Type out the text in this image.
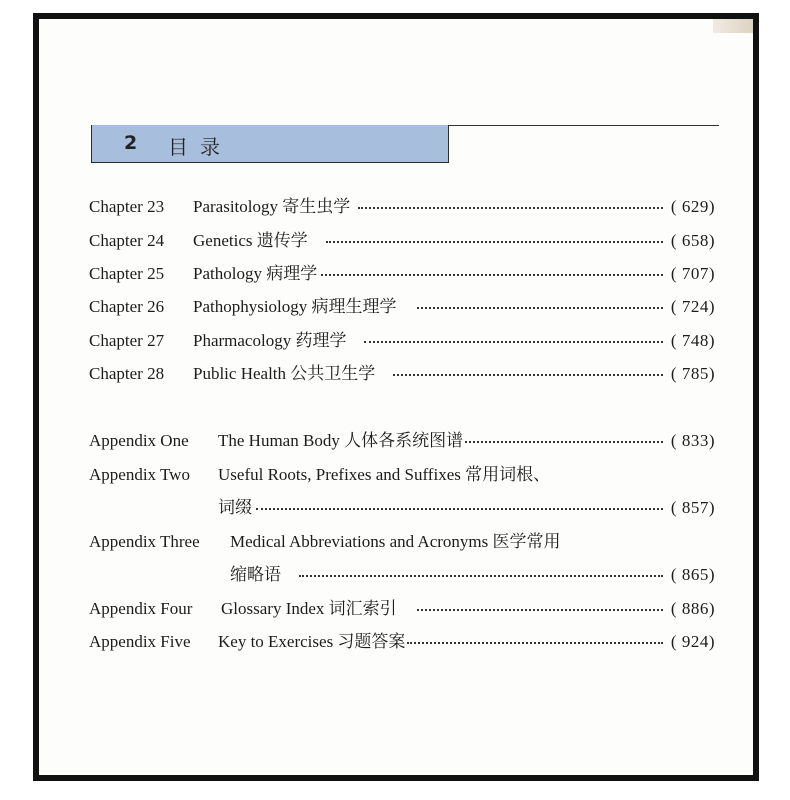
2 目录
Chapter 23	Parasitology 寄生虫学	( 629)
Chapter 24	Genetics 遗传学	( 658)
Chapter 25	Pathology 病理学	( 707)
Chapter 26	Pathophysiology 病理生理学	( 724)
Chapter 27	Pharmacology 药理学	( 748)
Chapter 28	Public Health 公共卫生学	( 785)
Appendix One	The Human Body 人体各系统图谱	( 833)
Appendix Two	Useful Roots, Prefixes and Suffixes 常用词根、
词缀	( 857)
Appendix Three	Medical Abbreviations and Acronyms 医学常用
缩略语	( 865)
Appendix Four	Glossary Index 词汇索引	( 886)
Appendix Five	Key to Exercises 习题答案	( 924)
